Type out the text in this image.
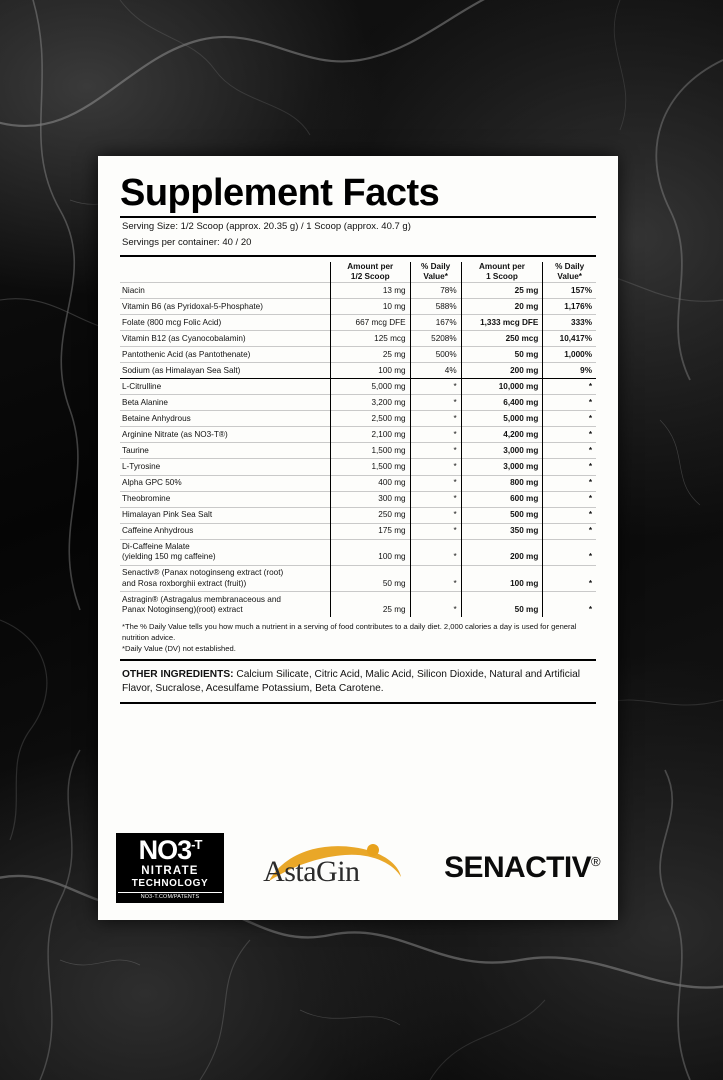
Supplement Facts
Serving Size: 1/2 Scoop (approx. 20.35 g) / 1 Scoop (approx. 40.7 g)
Servings per container: 40 / 20

Amount per
1/2 Scoop

% Daily
Value*

Amount per
1 Scoop

% Daily
Value*

Niacin	13 mg	78%	25 mg	157%

Vitamin B6 (as Pyridoxal-5-Phosphate)	10 mg	588%	20 mg	1,176%

Folate (800 mcg Folic Acid)	667 mcg DFE	167%	1,333 mcg DFE	333%

Vitamin B12 (as Cyanocobalamin)	125 mcg	5208%	250 mcg	10,417%

Pantothenic Acid (as Pantothenate)	25 mg	500%	50 mg	1,000%

Sodium (as Himalayan Sea Salt)	100 mg	4%	200 mg	9%

L-Citrulline	5,000 mg	*	10,000 mg	*

Beta Alanine	3,200 mg	*	6,400 mg	*

Betaine Anhydrous	2,500 mg	*	5,000 mg	*

Arginine Nitrate (as NO3-T®)	2,100 mg	*	4,200 mg	*

Taurine	1,500 mg	*	3,000 mg	*

L-Tyrosine	1,500 mg	*	3,000 mg	*

Alpha GPC 50%	400 mg	*	800 mg	*

Theobromine	300 mg	*	600 mg	*

Himalayan Pink Sea Salt	250 mg	*	500 mg	*

Caffeine Anhydrous	175 mg	*	350 mg	*

Di-Caffeine Malate
(yielding 150 mg caffeine)	100 mg	*	200 mg	*

Senactiv® (Panax notoginseng extract (root)
and Rosa roxborghii extract (fruit))	50 mg	*	100 mg	*

Astragin® (Astragalus membranaceous and
Panax Notoginseng)(root) extract	25 mg	*	50 mg	*
*The % Daily Value tells you how much a nutrient in a serving of food contributes to a daily diet. 2,000 calories a day is used for general nutrition advice.
*Daily Value (DV) not established.
OTHER INGREDIENTS: Calcium Silicate, Citric Acid, Malic Acid, Silicon Dioxide, Natural and Artificial Flavor, Sucralose, Acesulfame Potassium, Beta Carotene.
$NO3^{-T}$
NITRATE
TECHNOLOGY
NO3-T.COM/PATENTS
AstaGin	SENACTIV®
